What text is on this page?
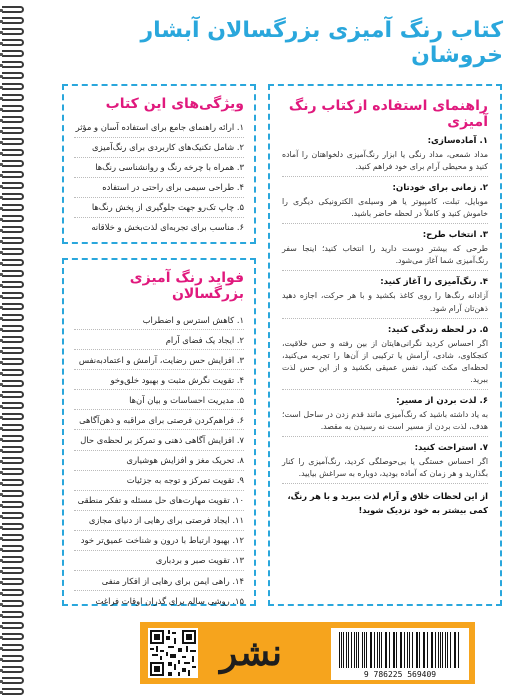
کتاب رنگ آمیزی بزرگسالان آبشار خروشان
راهنمای استفاده ازکتاب رنگ آمیزی
۱. آماده‌سازی:
مداد شمعی، مداد رنگی یا ابزار رنگ‌آمیزی دلخواهتان را آماده کنید و محیطی آرام برای خود فراهم کنید.
۲. زمانی برای خودتان:
موبایل، تبلت، کامپیوتر یا هر وسیله‌ی الکترونیکی دیگری را خاموش کنید و کاملاً در لحظه حاضر باشید.
۳. انتخاب طرح:
طرحی که بیشتر دوست دارید را انتخاب کنید؛ اینجا سفر رنگ‌آمیزی شما آغاز می‌شود.
۴. رنگ‌آمیزی را آغاز کنید:
آزادانه رنگ‌ها را روی کاغذ بکشید و با هر حرکت، اجازه دهید ذهن‌تان آرام شود.
۵. در لحظه زندگی کنید:
اگر احساس کردید نگرانی‌هایتان از بین رفته و حس خلاقیت، کنجکاوی، شادی، آرامش یا ترکیبی از آن‌ها را تجربه می‌کنید، لحظه‌ای مکث کنید، نفس عمیقی بکشید و از این حس لذت ببرید.
۶. لذت بردن از مسیر:
به یاد داشته باشید که رنگ‌آمیزی مانند قدم زدن در ساحل است؛ هدف، لذت بردن از مسیر است نه رسیدن به مقصد.
۷. استراحت کنید:
اگر احساس خستگی یا بی‌حوصلگی کردید، رنگ‌آمیزی را کنار بگذارید و هر زمان که آماده بودید، دوباره به سراغش بیایید.
از این لحظات خلاق و آرام لذت ببرید و با هر رنگ، کمی بیشتر به خود نزدیک شوید!
ویژگی‌های این کتاب
۱. ارائه راهنمای جامع برای استفاده آسان و مؤثر
۲. شامل تکنیک‌های کاربردی برای رنگ‌آمیزی
۳. همراه با چرخه رنگ و روانشناسی رنگ‌ها
۴. طراحی سیمی برای راحتی در استفاده
۵. چاپ تک‌رو جهت جلوگیری از پخش رنگ‌ها
۶. مناسب برای تجربه‌ای لذت‌بخش و خلاقانه
فواید رنگ آمیزی بزرگسالان
۱. کاهش استرس و اضطراب
۲. ایجاد یک فضای آرام
۳. افزایش حس رضایت، آرامش و اعتماد‌به‌نفس
۴. تقویت نگرش مثبت و بهبود خلق‌وخو
۵. مدیریت احساسات و بیان آن‌ها
۶. فراهم‌کردن فرصتی برای مراقبه و ذهن‌آگاهی
۷. افزایش آگاهی ذهنی و تمرکز بر لحظه‌ی حال
۸. تحریک مغز و افزایش هوشیاری
۹. تقویت تمرکز و توجه به جزئیات
۱۰. تقویت مهارت‌های حل مسئله و تفکر منطقی
۱۱. ایجاد فرصتی برای رهایی از دنیای مجازی
۱۲. بهبود ارتباط با درون و شناخت عمیق‌تر خود
۱۳. تقویت صبر و بردباری
۱۴. راهی ایمن برای رهایی از افکار منفی
۱۵. روشی سالم برای گذران اوقات فراغت
نشر
9 786225 569409
